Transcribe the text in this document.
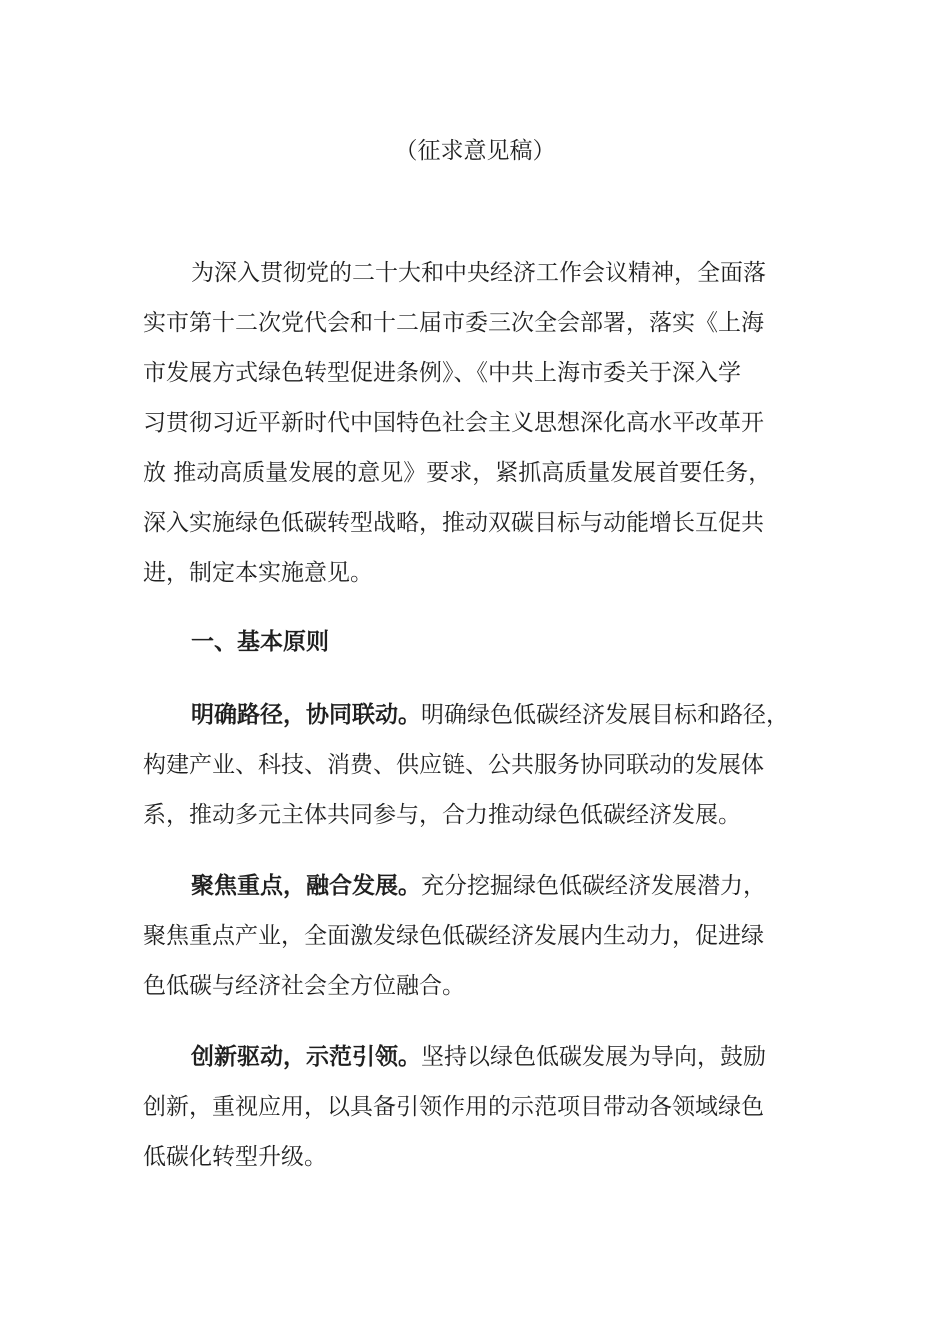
（征求意见稿）
为深入贯彻党的二十大和中央经济工作会议精神，全面落
实市第十二次党代会和十二届市委三次全会部署，落实《上海
市发展方式绿色转型促进条例》、《中共上海市委关于深入学
习贯彻习近平新时代中国特色社会主义思想深化高水平改革开
放 推动高质量发展的意见》要求，紧抓高质量发展首要任务，
深入实施绿色低碳转型战略，推动双碳目标与动能增长互促共
进，制定本实施意见。
一、基本原则
明确路径，协同联动。明确绿色低碳经济发展目标和路径，
构建产业、科技、消费、供应链、公共服务协同联动的发展体
系，推动多元主体共同参与，合力推动绿色低碳经济发展。
聚焦重点，融合发展。充分挖掘绿色低碳经济发展潜力，
聚焦重点产业，全面激发绿色低碳经济发展内生动力，促进绿
色低碳与经济社会全方位融合。
创新驱动，示范引领。坚持以绿色低碳发展为导向，鼓励
创新，重视应用，以具备引领作用的示范项目带动各领域绿色
低碳化转型升级。
